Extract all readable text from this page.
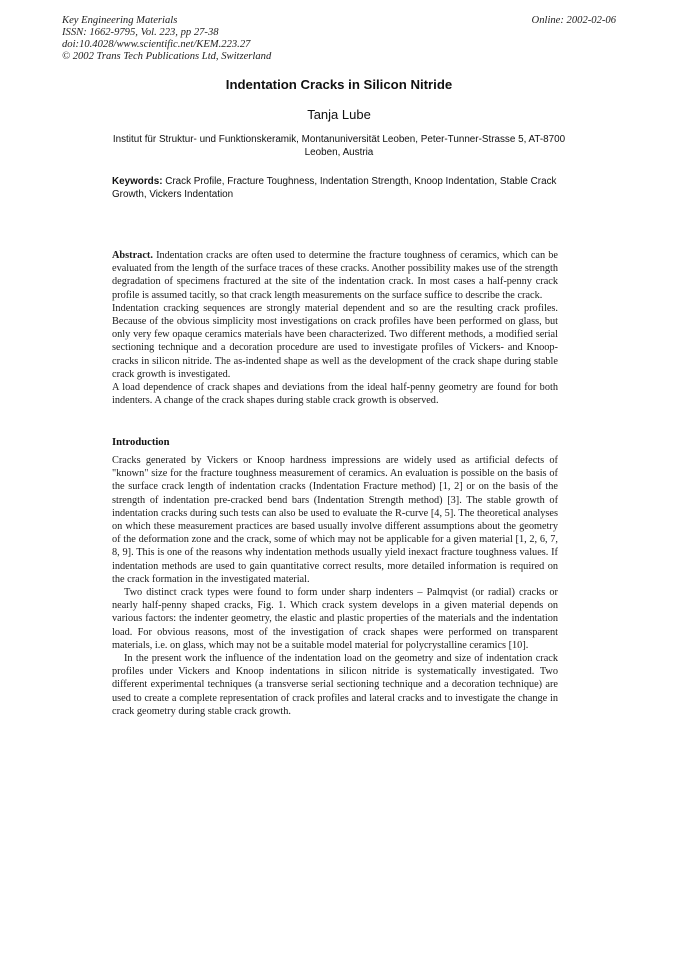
Key Engineering Materials
ISSN: 1662-9795, Vol. 223, pp 27-38
doi:10.4028/www.scientific.net/KEM.223.27
© 2002 Trans Tech Publications Ltd, Switzerland
Online: 2002-02-06
Indentation Cracks in Silicon Nitride
Tanja Lube
Institut für Struktur- und Funktionskeramik, Montanuniversität Leoben, Peter-Tunner-Strasse 5, AT-8700 Leoben, Austria
Keywords: Crack Profile, Fracture Toughness, Indentation Strength, Knoop Indentation, Stable Crack Growth, Vickers Indentation

Abstract. Indentation cracks are often used to determine the fracture toughness of ceramics, which can be evaluated from the length of the surface traces of these cracks. Another possibility makes use of the strength degradation of specimens fractured at the site of the indentation crack. In most cases a half-penny crack profile is assumed tacitly, so that crack length measurements on the surface suffice to describe the crack.

Indentation cracking sequences are strongly material dependent and so are the resulting crack profiles. Because of the obvious simplicity most investigations on crack profiles have been performed on glass, but only very few opaque ceramics materials have been characterized. Two different methods, a modified serial sectioning technique and a decoration procedure are used to investigate profiles of Vickers- and Knoop- cracks in silicon nitride. The as-indented shape as well as the development of the crack shape during stable crack growth is investigated.

A load dependence of crack shapes and deviations from the ideal half-penny geometry are found for both indenters. A change of the crack shapes during stable crack growth is observed.

Introduction

Cracks generated by Vickers or Knoop hardness impressions are widely used as artificial defects of "known" size for the fracture toughness measurement of ceramics. An evaluation is possible on the basis of the surface crack length of indentation cracks (Indentation Fracture method) [1, 2] or on the basis of the strength of indentation pre-cracked bend bars (Indentation Strength method) [3]. The stable growth of indentation cracks during such tests can also be used to evaluate the R-curve [4, 5]. The theoretical analyses on which these measurement practices are based usually involve different assumptions about the geometry of the deformation zone and the crack, some of which may not be applicable for a given material [1, 2, 6, 7, 8, 9]. This is one of the reasons why indentation methods usually yield inexact fracture toughness values. If indentation methods are used to gain quantitative correct results, more detailed information is required on the crack formation in the investigated material.

Two distinct crack types were found to form under sharp indenters – Palmqvist (or radial) cracks or nearly half-penny shaped cracks, Fig. 1. Which crack system develops in a given material depends on various factors: the indenter geometry, the elastic and plastic properties of the materials and the indentation load. For obvious reasons, most of the investigation of crack shapes were performed on transparent materials, i.e. on glass, which may not be a suitable model material for polycrystalline ceramics [10].

In the present work the influence of the indentation load on the geometry and size of indentation crack profiles under Vickers and Knoop indentations in silicon nitride is systematically investigated. Two different experimental techniques (a transverse serial sectioning technique and a decoration technique) are used to create a complete representation of crack profiles and lateral cracks and to investigate the change in crack geometry during stable crack growth.
